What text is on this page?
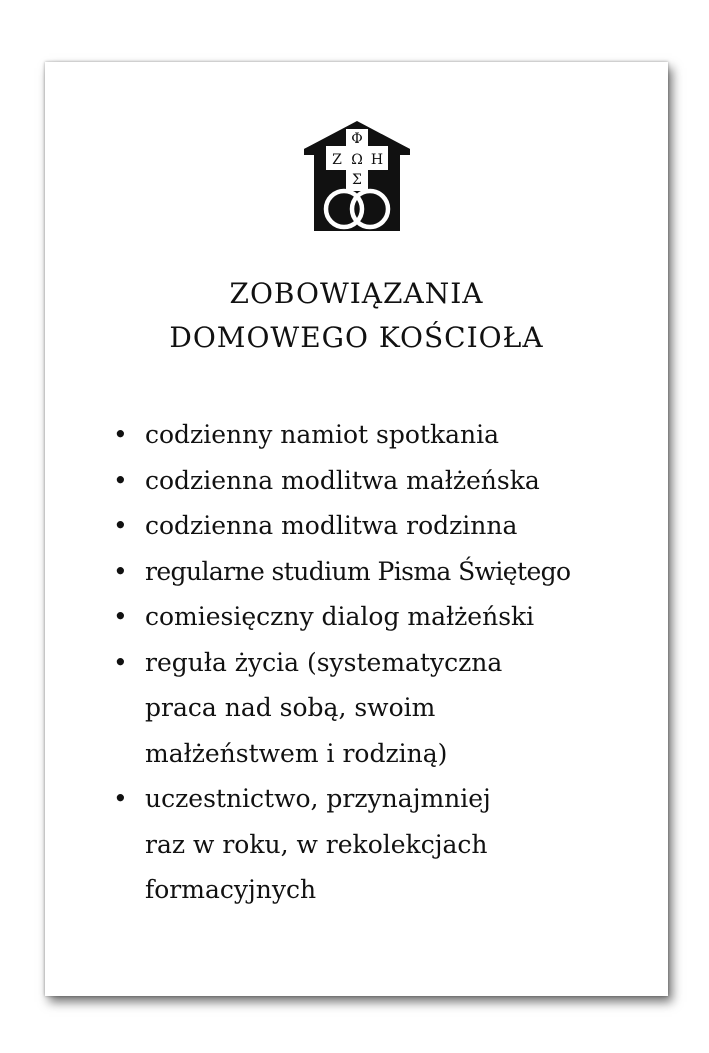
Φ
Ζ Ω Η
Σ
ZOBOWIĄZANIA
DOMOWEGO KOŚCIOŁA
• codzienny namiot spotkania
• codzienna modlitwa małżeńska
• codzienna modlitwa rodzinna
• regularne studium Pisma Świętego
• comiesięczny dialog małżeński
• reguła życia (systematyczna
praca nad sobą, swoim
małżeństwem i rodziną)
• uczestnictwo, przynajmniej
raz w roku, w rekolekcjach
formacyjnych
